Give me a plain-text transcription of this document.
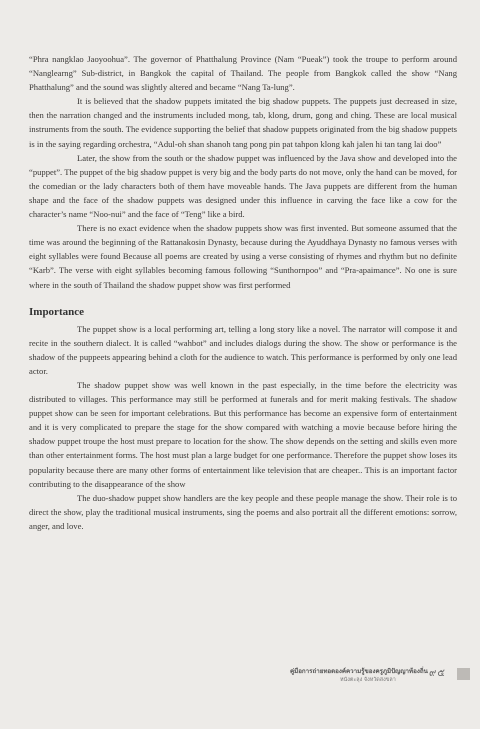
“Phra nangklao Jaoyoohua”. The governor of Phatthalung Province (Nam “Pueak”) took the troupe to perform around “Nanglearng” Sub-district, in Bangkok the capital of Thailand. The people from Bangkok called the show “Nang Phatthalung” and the sound was slightly altered and became “Nang Ta-lung”.

It is believed that the shadow puppets imitated the big shadow puppets. The puppets just decreased in size, then the narration changed and the instruments included mong, tab, klong, drum, gong and ching. These are local musical instruments from the south. The evidence supporting the belief that shadow puppets originated from the big shadow puppets is in the saying regarding orchestra, “Adul-oh shan shanoh tang pong pin pat tahpon klong kah jalen hi tan tang lai doo”

Later, the show from the south or the shadow puppet was influenced by the Java show and developed into the “puppet”. The puppet of the big shadow puppet is very big and the body parts do not move, only the hand can be moved, for the comedian or the lady characters both of them have moveable hands. The Java puppets are different from the human shape and the face of the shadow puppets was designed under this influence in carving the face like a cow for the character’s name “Noo-nui” and the face of “Teng” like a bird.

There is no exact evidence when the shadow puppets show was first invented. But someone assumed that the time was around the beginning of the Rattanakosin Dynasty, because during the Ayuddhaya Dynasty no famous verses with eight syllables were found Because all poems are created by using a verse consisting of rhymes and rhythm but no definite “Karb”. The verse with eight syllables becoming famous following “Sunthornpoo” and “Pra-apaimance”. No one is sure where in the south of Thailand the shadow puppet show was first performed

Importance

The puppet show is a local performing art, telling a long story like a novel. The narrator will compose it and recite in the southern dialect. It is called “wahbot” and includes dialogs during the show. The show or performance is the shadow of the puppeets appearing behind a cloth for the audience to watch. This performance is performed by only one lead actor.

The shadow puppet show was well known in the past especially, in the time before the electricity was distributed to villages. This performance may still be performed at funerals and for merit making festivals. The shadow puppet show can be seen for important celebrations. But this performance has become an expensive form of entertainment and it is very complicated to prepare the stage for the show compared with watching a movie because before hiring the shadow puppet troupe the host must prepare to location for the show. The show depends on the setting and skills even more than other entertainment forms. The host must plan a large budget for one performance. Therefore the puppet show loses its popularity because there are many other forms of entertainment like television that are cheaper.. This is an important factor contributing to the disappearance of the show

The duo-shadow puppet show handlers are the key people and these people manage the show. Their role is to direct the show, play the traditional musical instruments, sing the poems and also portrait all the different emotions: sorrow, anger, and love.

คู่มือการถ่ายทอดองค์ความรู้ของครูภูมิปัญญาท้องถิ่น
หนังตะลุง จังหวัดสงขลา
๙๕
